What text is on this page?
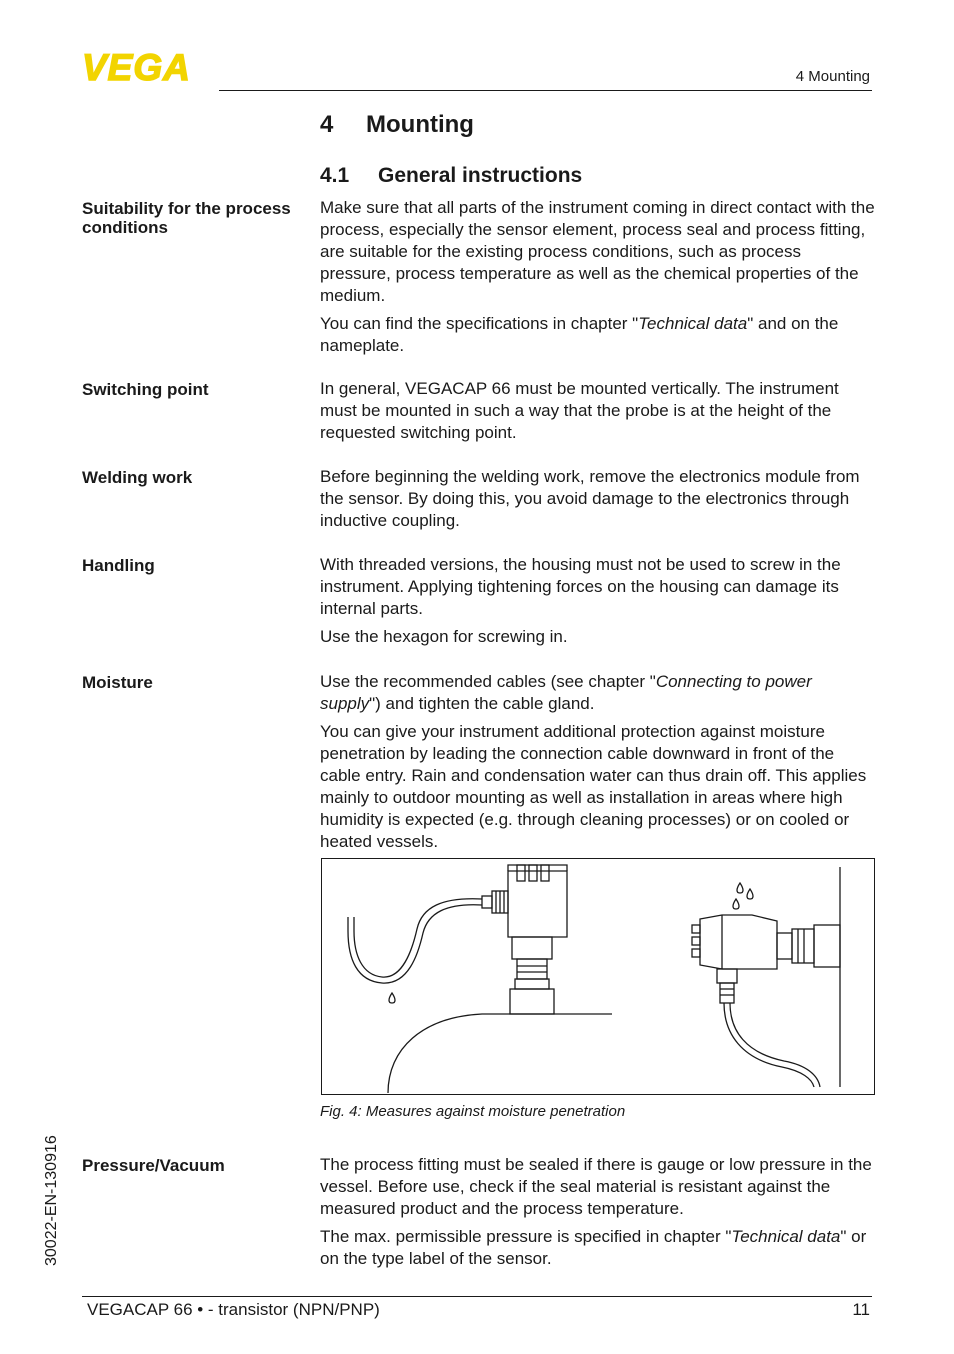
VEGA	4 Mounting
4 Mounting
4.1 General instructions
Suitability for the process conditions

Make sure that all parts of the instrument coming in direct contact with the process, especially the sensor element, process seal and process fitting, are suitable for the existing process conditions, such as process pressure, process temperature as well as the chemical properties of the medium.

You can find the specifications in chapter "Technical data" and on the nameplate.

Switching point	In general, VEGACAP 66 must be mounted vertically. The instrument must be mounted in such a way that the probe is at the height of the requested switching point.

Welding work	Before beginning the welding work, remove the electronics module from the sensor. By doing this, you avoid damage to the electronics through inductive coupling.

Handling	With threaded versions, the housing must not be used to screw in the instrument. Applying tightening forces on the housing can damage its internal parts.

Use the hexagon for screwing in.

Moisture	Use the recommended cables (see chapter "Connecting to power supply") and tighten the cable gland.

You can give your instrument additional protection against moisture penetration by leading the connection cable downward in front of the cable entry. Rain and condensation water can thus drain off. This applies mainly to outdoor mounting as well as installation in areas where high humidity is expected (e.g. through cleaning processes) or on cooled or heated vessels.

Fig. 4: Measures against moisture penetration
Pressure/Vacuum	The process fitting must be sealed if there is gauge or low pressure in the vessel. Before use, check if the seal material is resistant against the measured product and the process temperature.

The max. permissible pressure is specified in chapter "Technical data" or on the type label of the sensor.

30022-EN-130916
VEGACAP 66 • - transistor (NPN/PNP)	11
